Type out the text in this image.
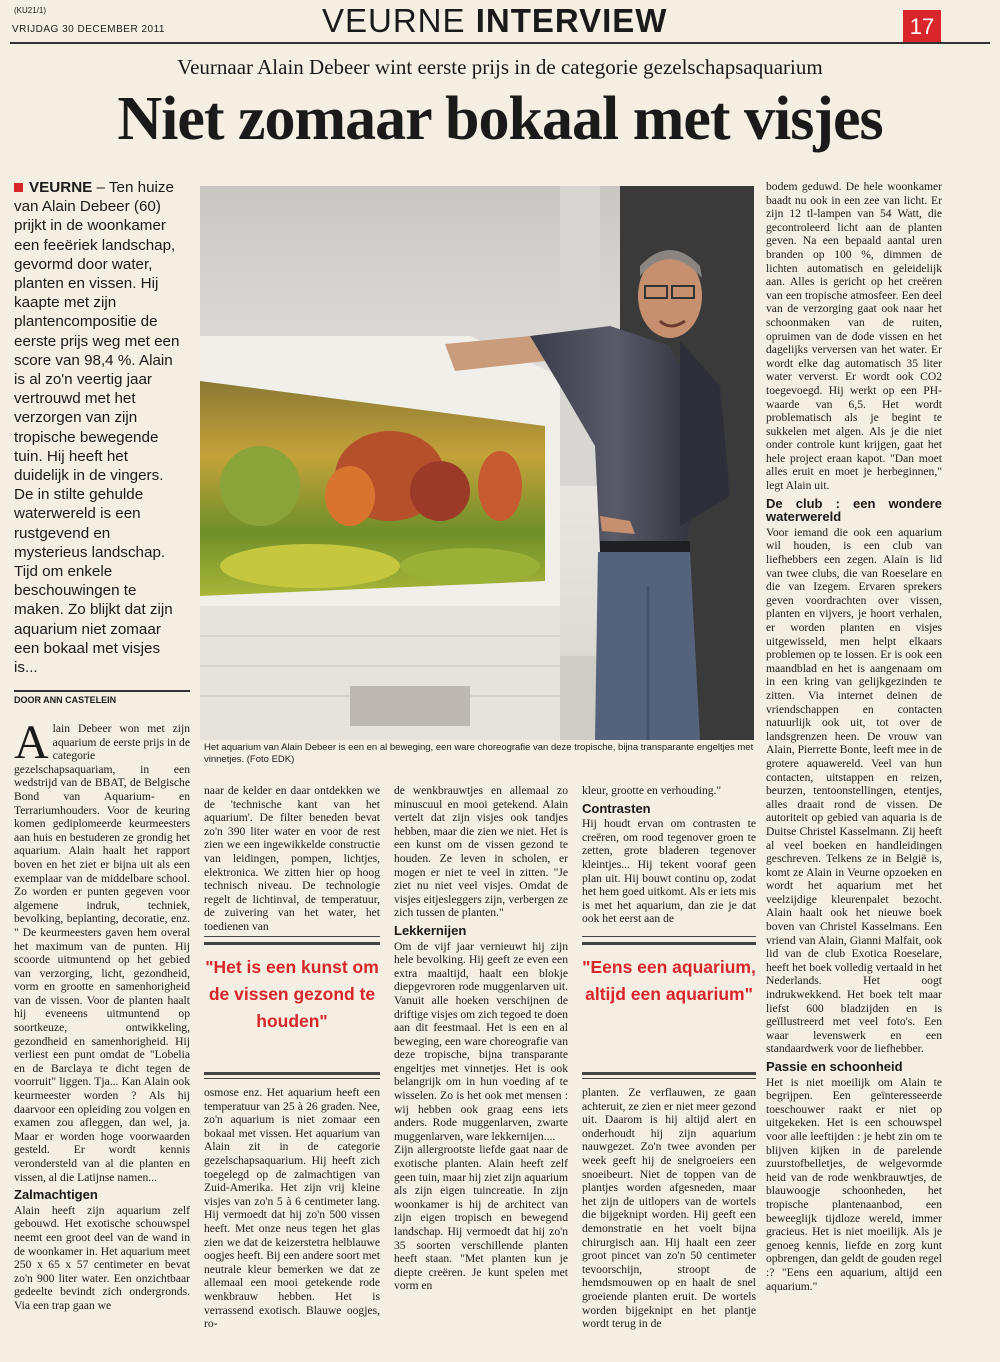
(KU21/1)
VRIJDAG 30 DECEMBER 2011	VEURNE INTERVIEW	17
Veurnaar Alain Debeer wint eerste prijs in de categorie gezelschapsaquarium
Niet zomaar bokaal met visjes
VEURNE – Ten huize van Alain Debeer (60) prijkt in de woonkamer een feeëriek landschap, gevormd door water, planten en vissen. Hij kaapte met zijn plantencompositie de eerste prijs weg met een score van 98,4 %. Alain is al zo'n veertig jaar vertrouwd met het verzorgen van zijn tropische bewegende tuin. Hij heeft het duidelijk in de vingers. De in stilte gehulde waterwereld is een rustgevend en mysterieus landschap. Tijd om enkele beschouwingen te maken. Zo blijkt dat zijn aquarium niet zomaar een bokaal met visjes is...
DOOR ANN CASTELEIN
Het aquarium van Alain Debeer is een en al beweging, een ware choreografie van deze tropische, bijna transparante engeltjes met vinnetjes. (Foto EDK)

Alain Debeer won met zijn aquarium de eerste prijs in de categorie gezelschapsaquariam, in een wedstrijd van de BBAT, de Belgische Bond van Aquarium- en Terrariumhouders. Voor de keuring komen gediplomeerde keurmeesters aan huis en bestuderen ze grondig het aquarium. Alain haalt het rapport boven en het ziet er bijna uit als een exemplaar van de middelbare school. Zo worden er punten gegeven voor algemene indruk, techniek, bevolking, beplanting, decoratie, enz. " De keurmeesters gaven hem overal het maximum van de punten. Hij scoorde uitmuntend op het gebied van verzorging, licht, gezondheid, vorm en grootte en samenhorigheid van de vissen. Voor de planten haalt hij eveneens uitmuntend op soortkeuze, ontwikkeling, gezondheid en samenhorigheid. Hij verliest een punt omdat de "Lobelia en de Barclaya te dicht tegen de voorruit" liggen. Tja... Kan Alain ook keurmeester worden ? Als hij daarvoor een opleiding zou volgen en examen zou afleggen, dan wel, ja. Maar er worden hoge voorwaarden gesteld. Er wordt kennis verondersteld van al die planten en vissen, al die Latijnse namen...

Zalmachtigen

Alain heeft zijn aquarium zelf gebouwd. Het exotische schouwspel neemt een groot deel van de wand in de woonkamer in. Het aquarium meet 250 x 65 x 57 centimeter en bevat zo'n 900 liter water. Een onzichtbaar gedeelte bevindt zich ondergronds. Via een trap gaan we

naar de kelder en daar ontdekken we de 'technische kant van het aquarium'. De filter beneden bevat zo'n 390 liter water en voor de rest zien we een ingewikkelde constructie van leidingen, pompen, lichtjes, elektronica. We zitten hier op hoog technisch niveau. De technologie regelt de lichtinval, de temperatuur, de zuivering van het water, het toedienen van

"Het is een kunst om de vissen gezond te houden"

osmose enz. Het aquarium heeft een temperatuur van 25 à 26 graden. Nee, zo'n aquarium is niet zomaar een bokaal met vissen. Het aquarium van Alain zit in de categorie gezelschapsaquarium. Hij heeft zich toegelegd op de zalmachtigen van Zuid-Amerika. Het zijn vrij kleine visjes van zo'n 5 à 6 centimeter lang. Hij vermoedt dat hij zo'n 500 vissen heeft. Met onze neus tegen het glas zien we dat de keizerstetra helblauwe oogjes heeft. Bij een andere soort met neutrale kleur bemerken we dat ze allemaal een mooi getekende rode wenkbrauw hebben. Het is verrassend exotisch. Blauwe oogjes, ro-

de wenkbrauwtjes en allemaal zo minuscuul en mooi getekend. Alain vertelt dat zijn visjes ook tandjes hebben, maar die zien we niet. Het is een kunst om de vissen gezond te houden. Ze leven in scholen, er mogen er niet te veel in zitten. "Je ziet nu niet veel visjes. Omdat de visjes eitjesleggers zijn, verbergen ze zich tussen de planten."

Lekkernijen

Om de vijf jaar vernieuwt hij zijn hele bevolking. Hij geeft ze even een extra maaltijd, haalt een blokje diepgevroren rode muggenlarven uit. Vanuit alle hoeken verschijnen de driftige visjes om zich tegoed te doen aan dit feestmaal. Het is een en al beweging, een ware choreografie van deze tropische, bijna transparante engeltjes met vinnetjes. Het is ook belangrijk om in hun voeding af te wisselen. Zo is het ook met mensen : wij hebben ook graag eens iets anders. Rode muggenlarven, zwarte muggenlarven, ware lekkernijen....

Zijn allergrootste liefde gaat naar de exotische planten. Alain heeft zelf geen tuin, maar hij ziet zijn aquarium als zijn eigen tuincreatie. In zijn woonkamer is hij de architect van zijn eigen tropisch en bewegend landschap. Hij vermoedt dat hij zo'n 35 soorten verschillende planten heeft staan. "Met planten kun je diepte creëren. Je kunt spelen met vorm en

kleur, grootte en verhouding."

Contrasten

Hij houdt ervan om contrasten te creëren, om rood tegenover groen te zetten, grote bladeren tegenover kleintjes... Hij tekent vooraf geen plan uit. Hij bouwt continu op, zodat het hem goed uitkomt. Als er iets mis is met het aquarium, dan zie je dat ook het eerst aan de

"Eens een aquarium, altijd een aquarium"

planten. Ze verflauwen, ze gaan achteruit, ze zien er niet meer gezond uit. Daarom is hij altijd alert en onderhoudt hij zijn aquarium nauwgezet. Zo'n twee avonden per week geeft hij de snelgroeiers een snoeibeurt. Niet de toppen van de plantjes worden afgesneden, maar het zijn de uitlopers van de wortels die bijgeknipt worden. Hij geeft een demonstratie en het voelt bijna chirurgisch aan. Hij haalt een zeer groot pincet van zo'n 50 centimeter tevoorschijn, stroopt de hemdsmouwen op en haalt de snel groeiende planten eruit. De wortels worden bijgeknipt en het plantje wordt terug in de

bodem geduwd. De hele woonkamer baadt nu ook in een zee van licht. Er zijn 12 tl-lampen van 54 Watt, die gecontroleerd licht aan de planten geven. Na een bepaald aantal uren branden op 100 %, dimmen de lichten automatisch en geleidelijk aan. Alles is gericht op het creëren van een tropische atmosfeer. Een deel van de verzorging gaat ook naar het schoonmaken van de ruiten, opruimen van de dode vissen en het dagelijks verversen van het water. Er wordt elke dag automatisch 35 liter water ververst. Er wordt ook CO2 toegevoegd. Hij werkt op een PH-waarde van 6,5. Het wordt problematisch als je begint te sukkelen met algen. Als je die niet onder controle kunt krijgen, gaat het hele project eraan kapot. "Dan moet alles eruit en moet je herbeginnen," legt Alain uit.

De club : een wondere waterwereld

Voor iemand die ook een aquarium wil houden, is een club van liefhebbers een zegen. Alain is lid van twee clubs, die van Roeselare en die van Izegem. Ervaren sprekers geven voordrachten over vissen, planten en vijvers, je hoort verhalen, er worden planten en visjes uitgewisseld, men helpt elkaars problemen op te lossen. Er is ook een maandblad en het is aangenaam om in een kring van gelijkgezinden te zitten. Via internet deinen de vriendschappen en contacten natuurlijk ook uit, tot over de landsgrenzen heen. De vrouw van Alain, Pierrette Bonte, leeft mee in de grotere aquawereld. Veel van hun contacten, uitstappen en reizen, beurzen, tentoonstellingen, etentjes, alles draait rond de vissen. De autoriteit op gebied van aquaria is de Duitse Christel Kasselmann. Zij heeft al veel boeken en handleidingen geschreven. Telkens ze in België is, komt ze Alain in Veurne opzoeken en wordt het aquarium met het veelzijdige kleurenpalet bezocht. Alain haalt ook het nieuwe boek boven van Christel Kasselmans. Een vriend van Alain, Gianni Malfait, ook lid van de club Exotica Roeselare, heeft het boek volledig vertaald in het Nederlands. Het oogt indrukwekkend. Het boek telt maar liefst 600 bladzijden en is geïllustreerd met veel foto's. Een waar levenswerk en een standaardwerk voor de liefhebber.

Passie en schoonheid

Het is niet moeilijk om Alain te begrijpen. Een geïnteresseerde toeschouwer raakt er niet op uitgekeken. Het is een schouwspel voor alle leeftijden : je hebt zin om te blijven kijken in de parelende zuurstofbelletjes, de welgevormde heid van de rode wenkbrauwtjes, de blauwoogje schoonheden, het tropische plantenaanbod, een beweeglijk tijdloze wereld, immer gracieus. Het is niet moeilijk. Als je genoeg kennis, liefde en zorg kunt opbrengen, dan geldt de gouden regel :? "Eens een aquarium, altijd een aquarium."
